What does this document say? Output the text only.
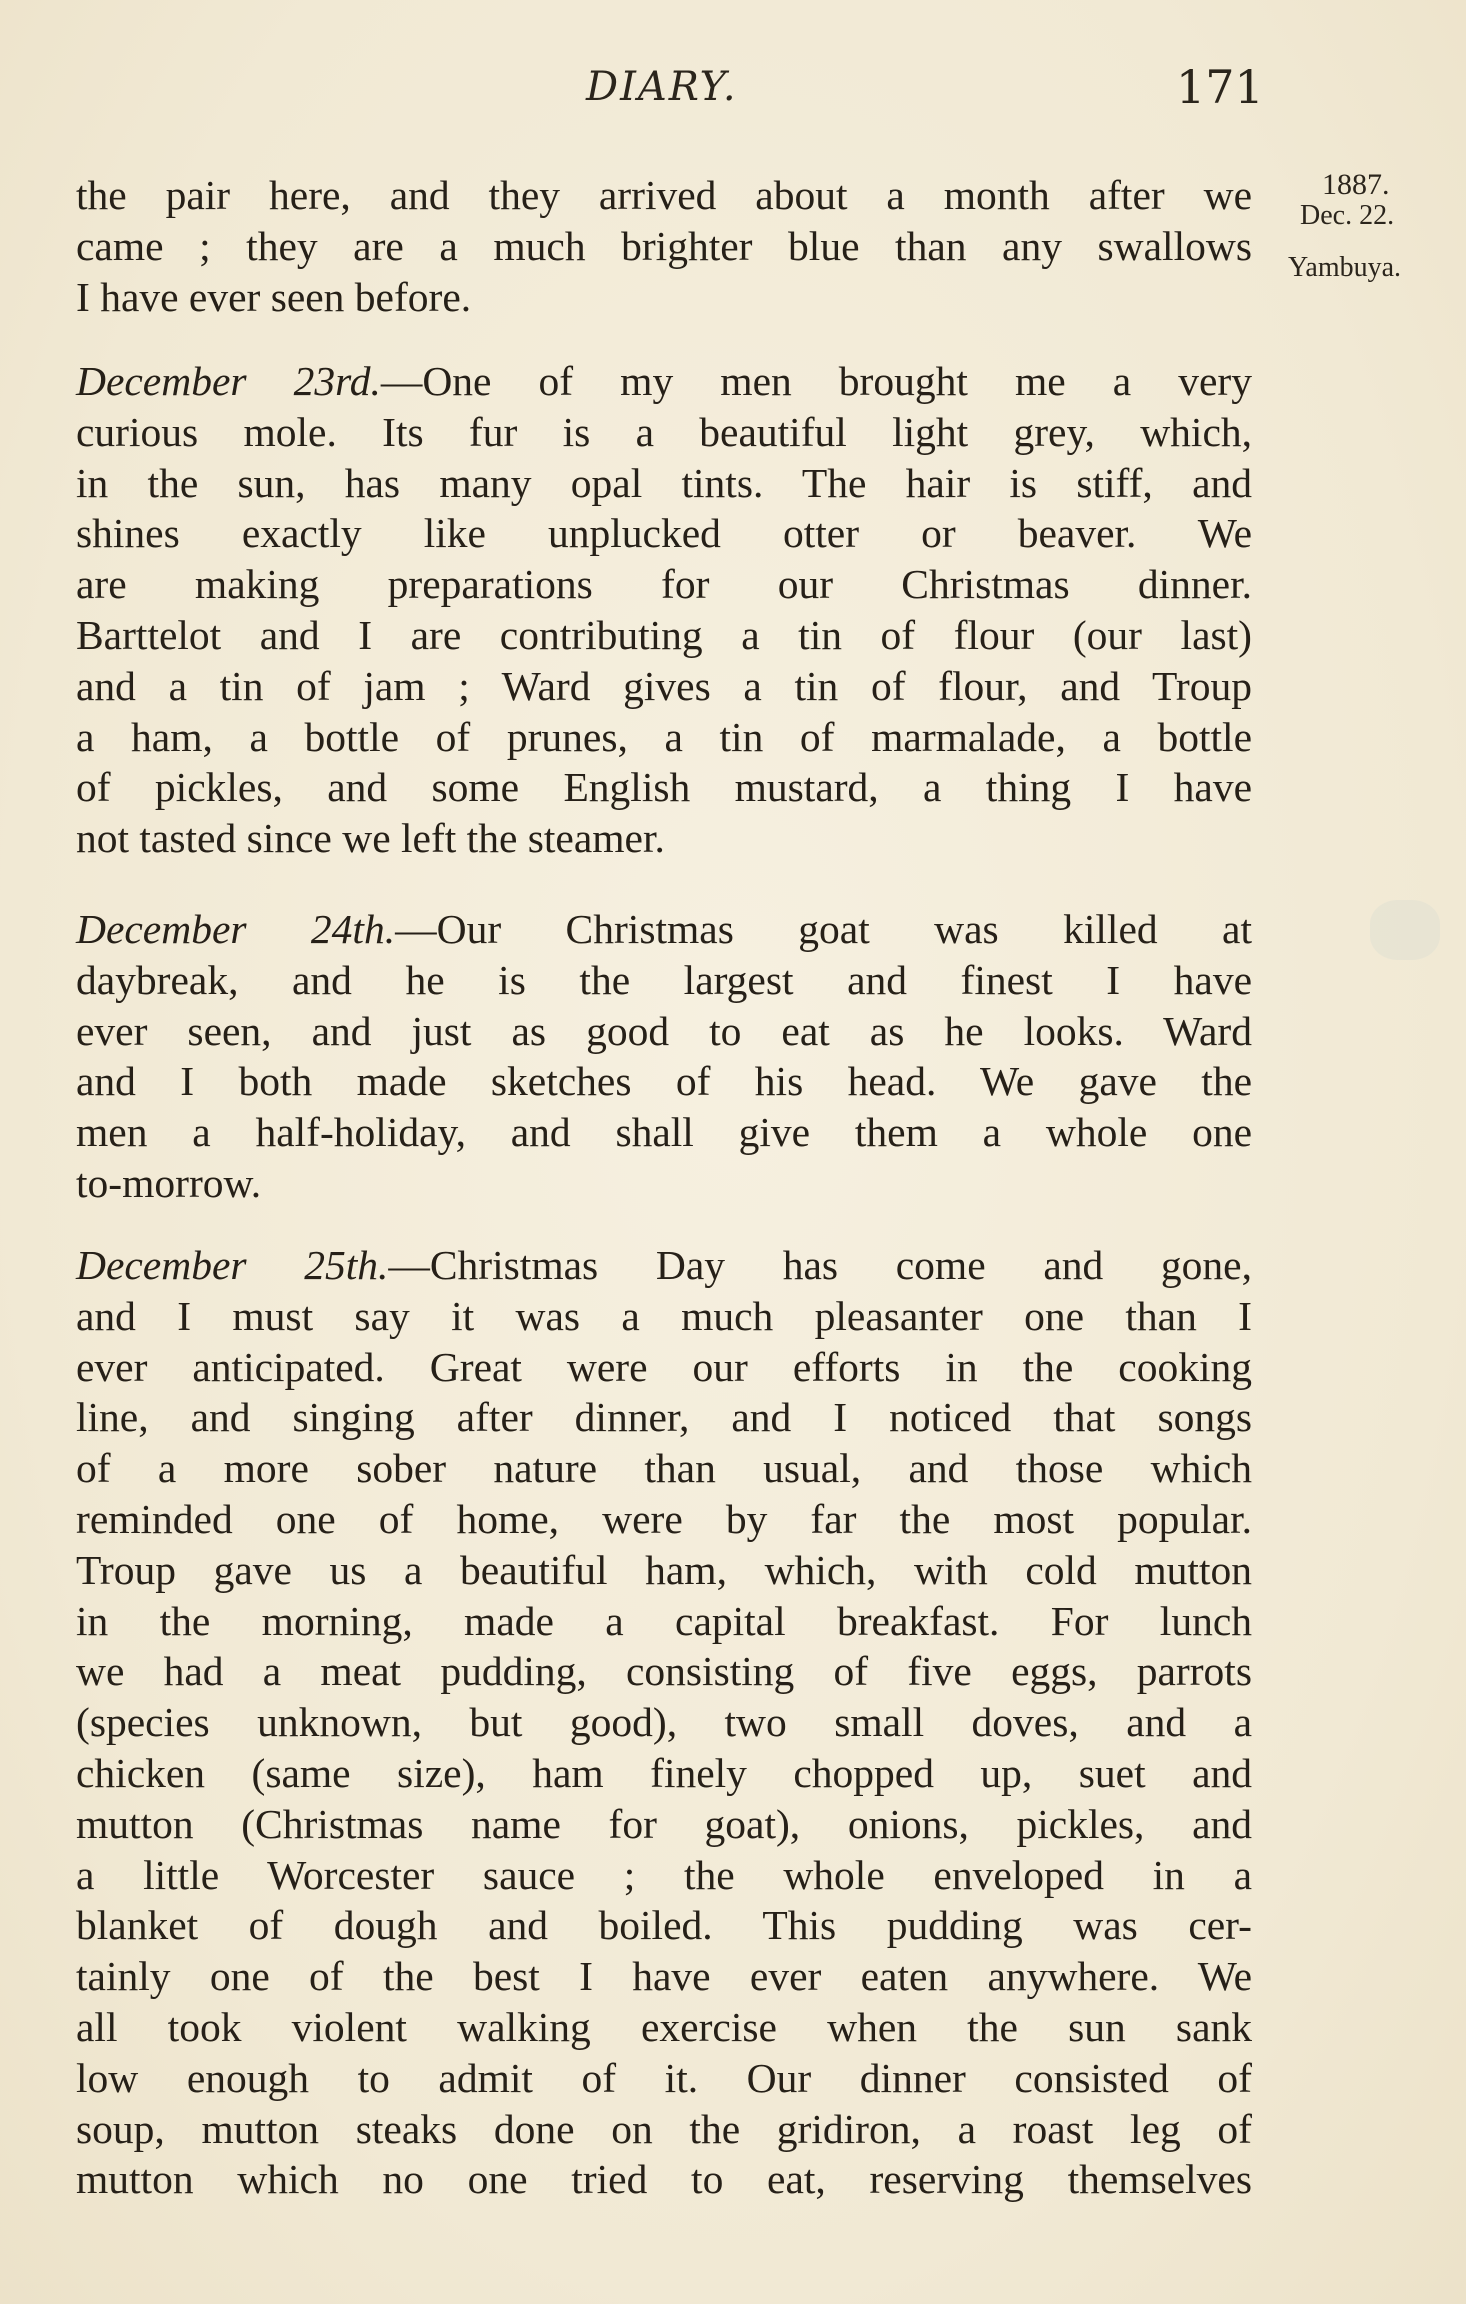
DIARY.	171
1887.
Dec. 22.
Yambuya.
the pair here, and they arrived about a month after we
came ; they are a much brighter blue than any swallows
I have ever seen before.
December 23rd.—One of my men brought me a very
curious mole. Its fur is a beautiful light grey, which,
in the sun, has many opal tints. The hair is stiff, and
shines exactly like unplucked otter or beaver. We
are making preparations for our Christmas dinner.
Barttelot and I are contributing a tin of flour (our last)
and a tin of jam ; Ward gives a tin of flour, and Troup
a ham, a bottle of prunes, a tin of marmalade, a bottle
of pickles, and some English mustard, a thing I have
not tasted since we left the steamer.
December 24th.—Our Christmas goat was killed at
daybreak, and he is the largest and finest I have
ever seen, and just as good to eat as he looks. Ward
and I both made sketches of his head. We gave the
men a half-holiday, and shall give them a whole one
to-morrow.
December 25th.—Christmas Day has come and gone,
and I must say it was a much pleasanter one than I
ever anticipated. Great were our efforts in the cooking
line, and singing after dinner, and I noticed that songs
of a more sober nature than usual, and those which
reminded one of home, were by far the most popular.
Troup gave us a beautiful ham, which, with cold mutton
in the morning, made a capital breakfast. For lunch
we had a meat pudding, consisting of five eggs, parrots
(species unknown, but good), two small doves, and a
chicken (same size), ham finely chopped up, suet and
mutton (Christmas name for goat), onions, pickles, and
a little Worcester sauce ; the whole enveloped in a
blanket of dough and boiled. This pudding was cer-
tainly one of the best I have ever eaten anywhere. We
all took violent walking exercise when the sun sank
low enough to admit of it. Our dinner consisted of
soup, mutton steaks done on the gridiron, a roast leg of
mutton which no one tried to eat, reserving themselves
